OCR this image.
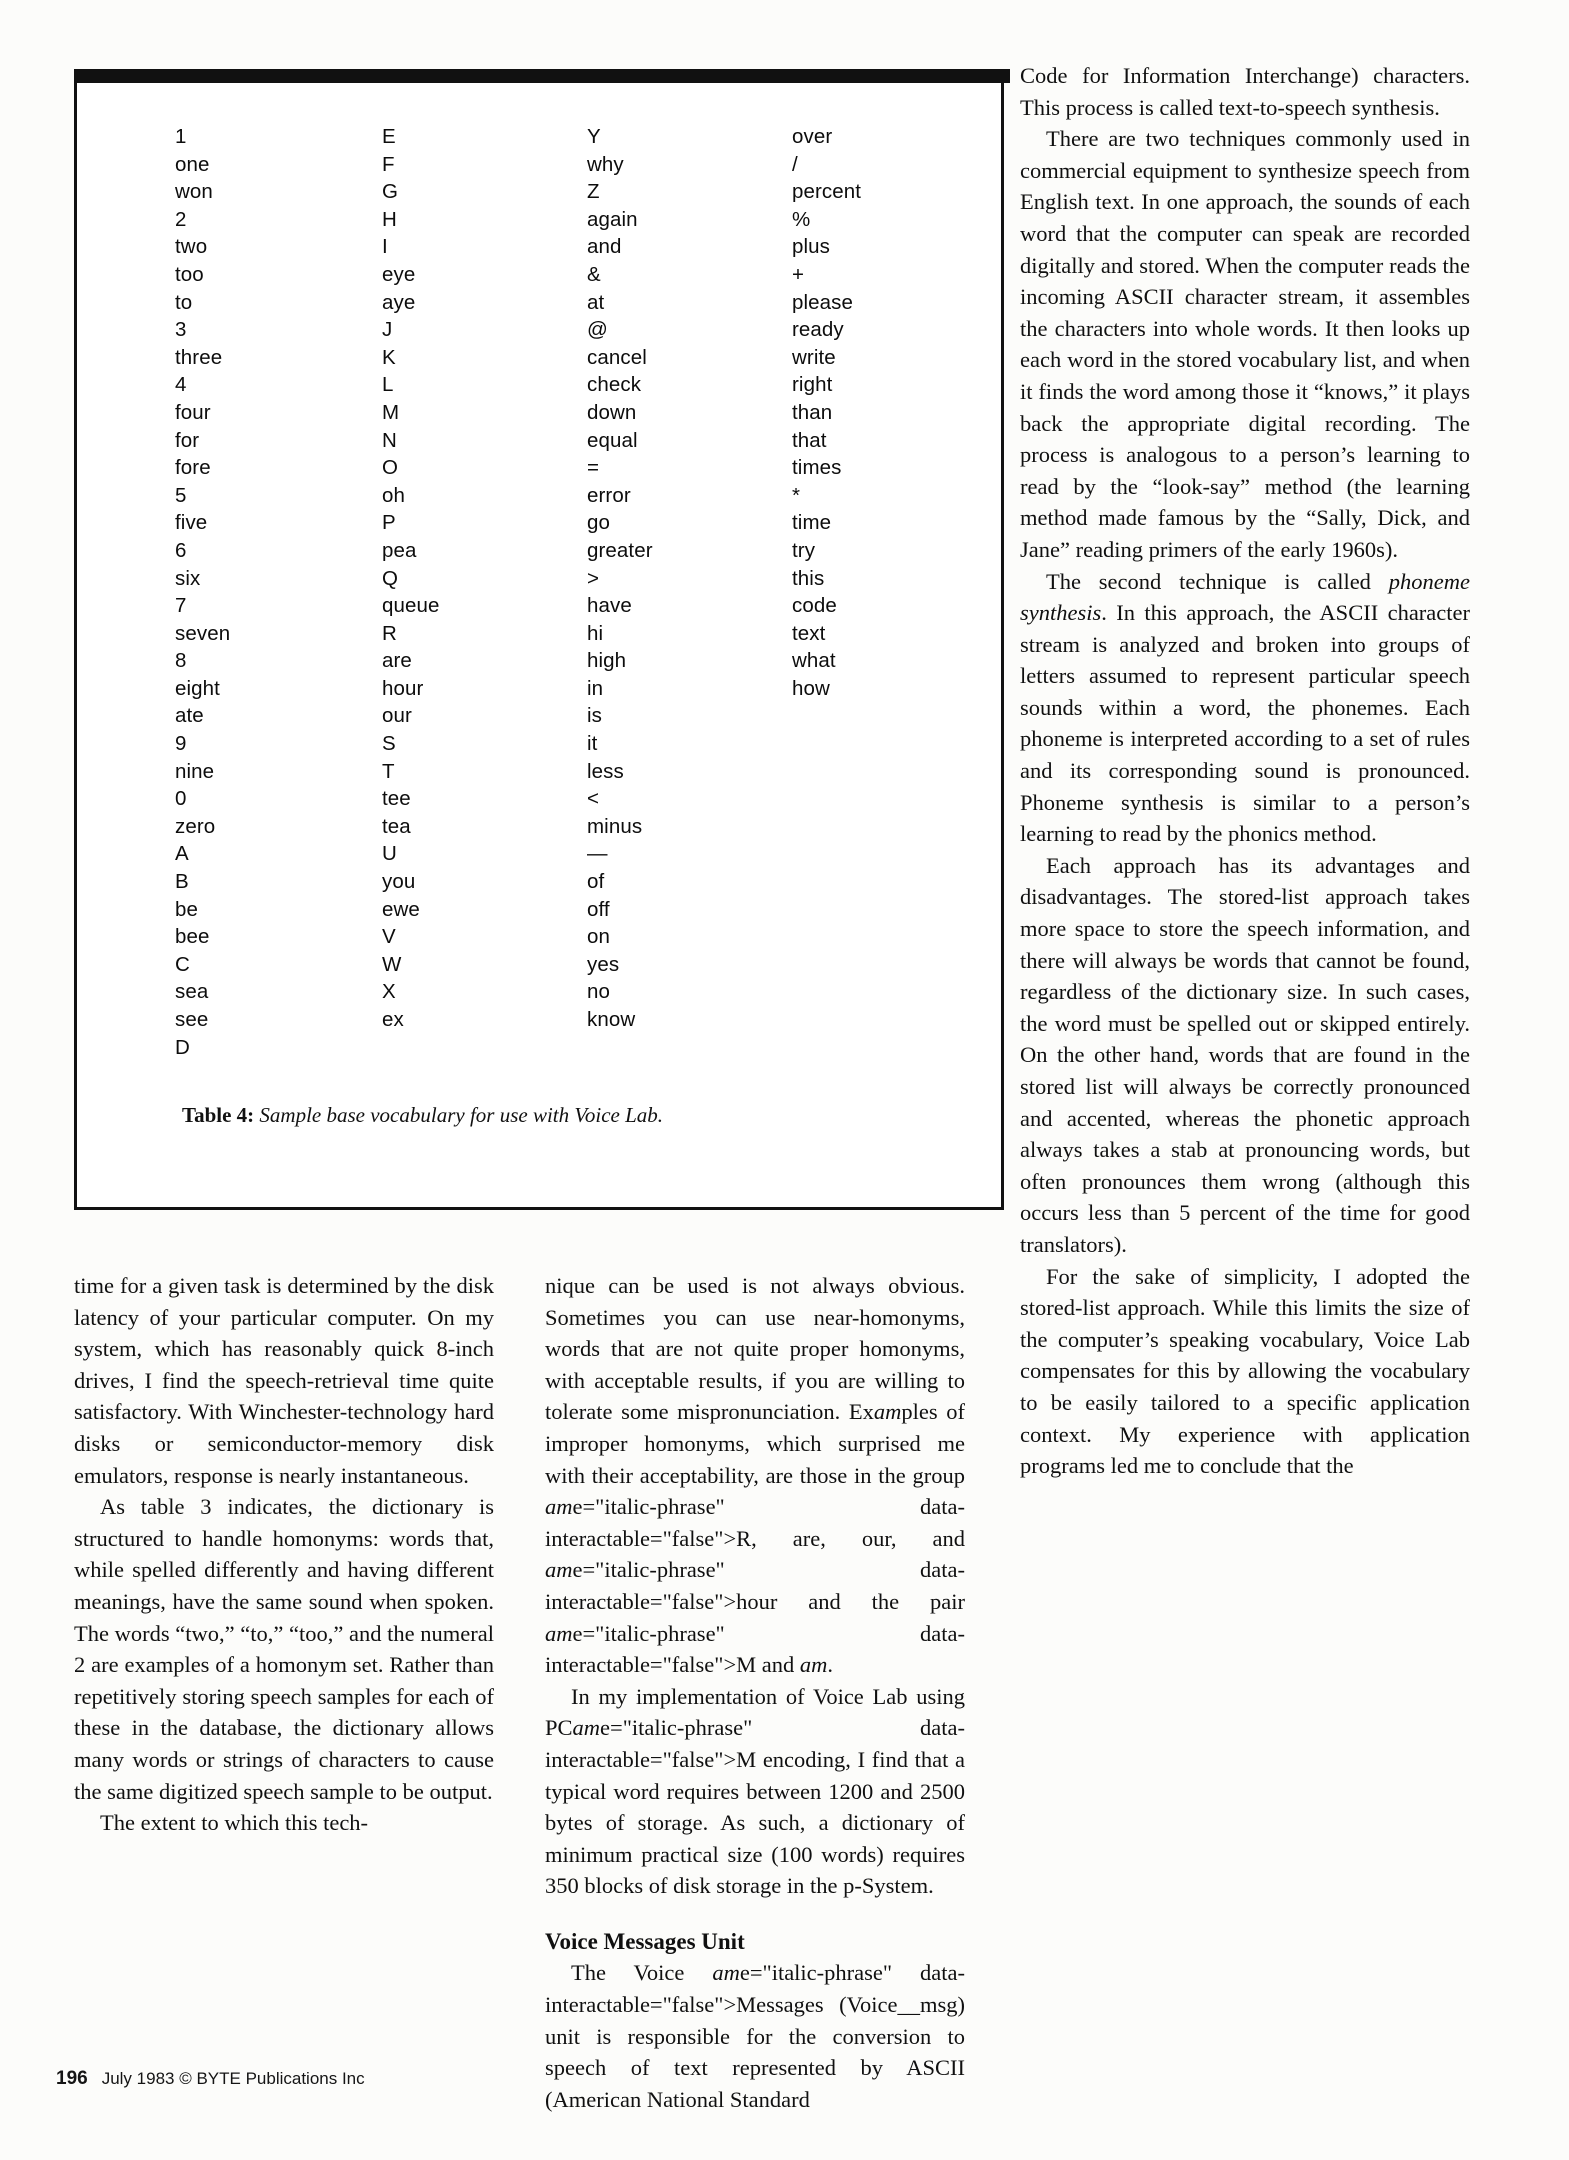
1
one
won
2
two
too
to
3
three
4
four
for
fore
5
five
6
six
7
seven
8
eight
ate
9
nine
0
zero
A
B
be
bee
C
sea
see
D
E
F
G
H
I
eye
aye
J
K
L
M
N
O
oh
P
pea
Q
queue
R
are
hour
our
S
T
tee
tea
U
you
ewe
V
W
X
ex
Y
why
Z
again
and
&
at
@
cancel
check
down
equal
=
error
go
greater
>
have
hi
high
in
is
it
less
<
minus
—
of
off
on
yes
no
know
over
/
percent
%
plus
+
please
ready
write
right
than
that
times
*
time
try
this
code
text
what
how
Table 4: Sample base vocabulary for use with Voice Lab.

time for a given task is determined by the disk latency of your particular computer. On my system, which has reasonably quick 8-inch drives, I find the speech-retrieval time quite satisfactory. With Winchester-technology hard disks or semiconductor-memory disk emulators, response is nearly instantaneous.

As table 3 indicates, the dictionary is structured to handle homonyms: words that, while spelled differently and having different meanings, have the same sound when spoken. The words “two,” “to,” “too,” and the numeral 2 are examples of a homonym set. Rather than repetitively storing speech samples for each of these in the database, the dictionary allows many words or strings of characters to cause the same digitized speech sample to be output.

The extent to which this tech-

nique can be used is not always obvious. Sometimes you can use near-homonyms, words that are not quite proper homonyms, with acceptable results, if you are willing to tolerate some mispronunciation. Examples of improper homonyms, which surprised me with their acceptability, are those in the group ame="italic-phrase" data-interactable="false">R, are, our, and ame="italic-phrase" data-interactable="false">hour and the pair ame="italic-phrase" data-interactable="false">M and am.

In my implementation of Voice Lab using PCame="italic-phrase" data-interactable="false">M encoding, I find that a typical word requires between 1200 and 2500 bytes of storage. As such, a dictionary of minimum practical size (100 words) requires 350 blocks of disk storage in the p-System.

Voice Messages Unit

The Voice ame="italic-phrase" data-interactable="false">Messages (Voice__msg) unit is responsible for the conversion to speech of text represented by ASCII (American National Standard

Code for Information Interchange) characters. This process is called text-to-speech synthesis.

There are two techniques commonly used in commercial equipment to synthesize speech from English text. In one approach, the sounds of each word that the computer can speak are recorded digitally and stored. When the computer reads the incoming ASCII character stream, it assembles the characters into whole words. It then looks up each word in the stored vocabulary list, and when it finds the word among those it “knows,” it plays back the appropriate digital recording. The process is analogous to a person’s learning to read by the “look-say” method (the learning method made famous by the “Sally, Dick, and Jane” reading primers of the early 1960s).

The second technique is called phoneme synthesis. In this approach, the ASCII character stream is analyzed and broken into groups of letters assumed to represent particular speech sounds within a word, the phonemes. Each phoneme is interpreted according to a set of rules and its corresponding sound is pronounced. Phoneme synthesis is similar to a person’s learning to read by the phonics method.

Each approach has its advantages and disadvantages. The stored-list approach takes more space to store the speech information, and there will always be words that cannot be found, regardless of the dictionary size. In such cases, the word must be spelled out or skipped entirely. On the other hand, words that are found in the stored list will always be correctly pronounced and accented, whereas the phonetic approach always takes a stab at pronouncing words, but often pronounces them wrong (although this occurs less than 5 percent of the time for good translators).

For the sake of simplicity, I adopted the stored-list approach. While this limits the size of the computer’s speaking vocabulary, Voice Lab compensates for this by allowing the vocabulary to be easily tailored to a specific application context. My experience with application programs led me to conclude that the

196 July 1983 © BYTE Publications Inc
